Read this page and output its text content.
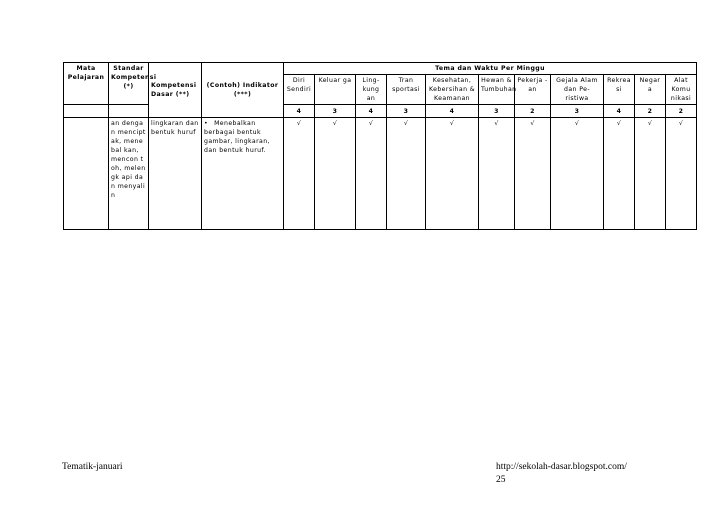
Mata Pelajaran	Standar Kompetensi (*)	Kompetensi Dasar (**)	(Contoh) Indikator (***)	Tema dan Waktu Per Minggu										
				Diri Sendiri	Keluar ga	Ling-kung an	Tran sportasi	Kesehatan, Kebersihan & Keamanan	Hewan & Tumbuhan	Pekerja -an	Gejala Alam dan Pe-ristiwa	Rekrea si	Negar a	Alat Komu nikasi
				4	3	4	3	4	3	2	3	4	2	2
	an dengan mencipt ak, menebal kan, mencon toh, melengk api dan menyali n	lingkaran dan bentuk huruf	• Menebalkan berbagai bentuk gambar, lingkaran, dan bentuk huruf.	√	√	√	√	√	√	√	√	√	√	√
Tematik-januari	http://sekolah-dasar.blogspot.com/
25
